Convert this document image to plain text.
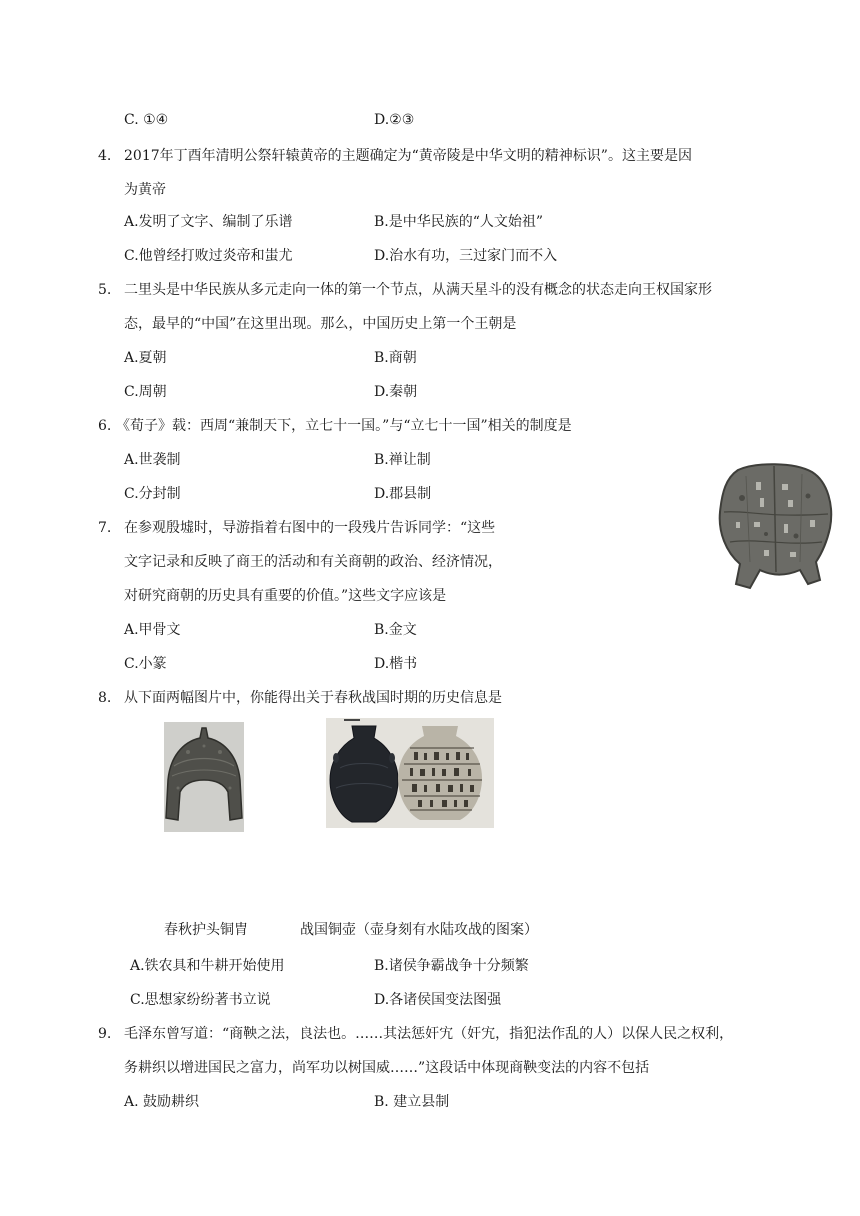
C. ①④	D.②③
4. 2017年丁酉年清明公祭轩辕黄帝的主题确定为“黄帝陵是中华文明的精神标识”。这主要是因
为黄帝
A.发明了文字、编制了乐谱	B.是中华民族的“人文始祖”
C.他曾经打败过炎帝和蚩尤	D.治水有功，三过家门而不入
5. 二里头是中华民族从多元走向一体的第一个节点，从满天星斗的没有概念的状态走向王权国家形
态，最早的“中国”在这里出现。那么，中国历史上第一个王朝是
A.夏朝	B.商朝
C.周朝	D.秦朝
6. 《荀子》载：西周“兼制天下，立七十一国。”与“立七十一国”相关的制度是
A.世袭制	B.禅让制
C.分封制	D.郡县制
7. 在参观殷墟时，导游指着右图中的一段残片告诉同学：“这些
文字记录和反映了商王的活动和有关商朝的政治、经济情况，
对研究商朝的历史具有重要的价值。”这些文字应该是
A.甲骨文	B.金文
C.小篆	D.楷书
8. 从下面两幅图片中，你能得出关于春秋战国时期的历史信息是
春秋护头铜胄	战国铜壶（壶身刻有水陆攻战的图案）
A.铁农具和牛耕开始使用	B.诸侯争霸战争十分频繁
C.思想家纷纷著书立说	D.各诸侯国变法图强
9. 毛泽东曾写道：“商鞅之法，良法也。……其法惩奸宄（奸宄，指犯法作乱的人）以保人民之权利，
务耕织以增进国民之富力，尚军功以树国威……”这段话中体现商鞅变法的内容不包括
A. 鼓励耕织	B. 建立县制
